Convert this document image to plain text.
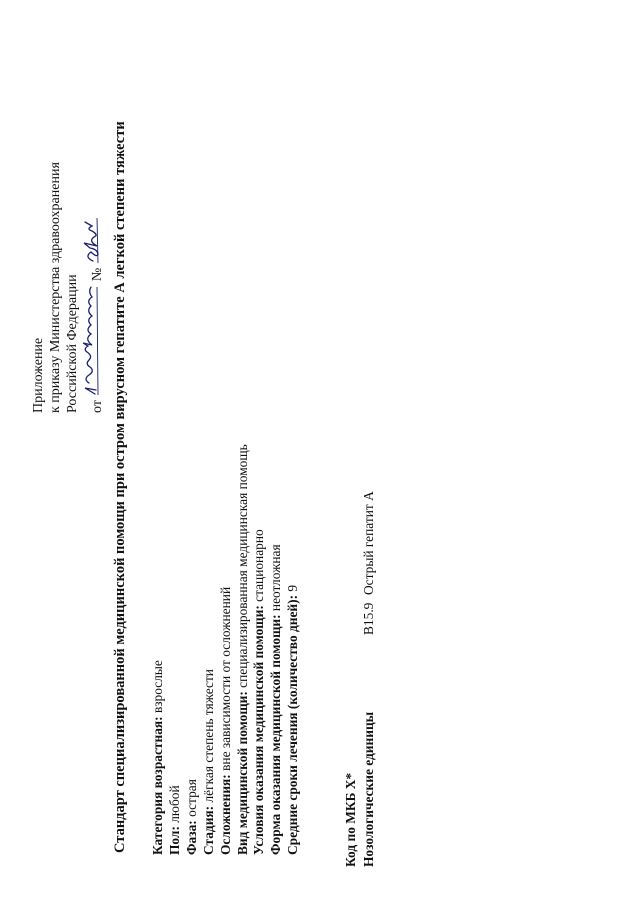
Приложение к приказу Министерства здравоохранения Российской Федерации от  № Стандарт специализированной медицинской помощи при остром вирусном гепатите А легкой степени тяжести Категория возрастная: взрослые
Пол: любой
Фаза: острая
Стадия: лёгкая степень тяжести
Осложнения: вне зависимости от осложнений Вид медицинской помощи: специализированная медицинская помощь
Условия оказания медицинской помощи: стационарно
Форма оказания медицинской помощи: неотложная
Средние сроки лечения (количество дней): 9
Код по МКБ X* Нозологические единицыB15.9Острый гепатит А
